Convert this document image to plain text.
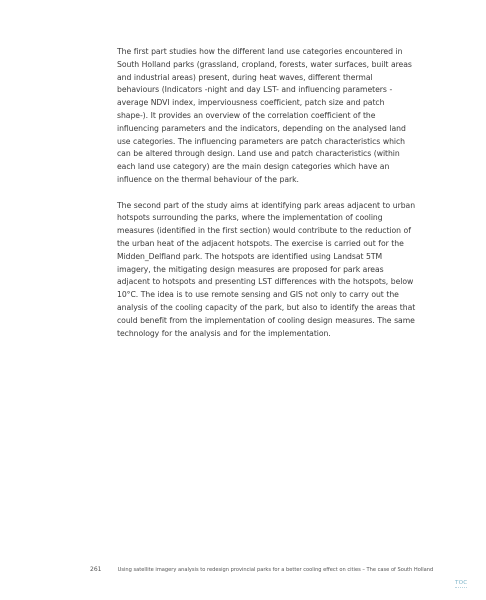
The first part studies how the different land use categories encountered in South Holland parks (grassland, cropland, forests, water surfaces, built areas and industrial areas) present, during heat waves, different thermal behaviours (Indicators -night and day LST- and influencing parameters -average NDVI index, imperviousness coefficient, patch size and patch shape-). It provides an overview of the correlation coefficient of the influencing parameters and the indicators, depending on the analysed land use categories. The influencing parameters are patch characteristics which can be altered through design. Land use and patch characteristics (within each land use category) are the main design categories which have an influence on the thermal behaviour of the park.

The second part of the study aims at identifying park areas adjacent to urban hotspots surrounding the parks, where the implementation of cooling measures (identified in the first section) would contribute to the reduction of the urban heat of the adjacent hotspots. The exercise is carried out for the Midden_Delfland park. The hotspots are identified using Landsat 5TM imagery, the mitigating design measures are proposed for park areas adjacent to hotspots and presenting LST differences with the hotspots, below 10°C. The idea is to use remote sensing and GIS not only to carry out the analysis of the cooling capacity of the park, but also to identify the areas that could benefit from the implementation of cooling design measures. The same technology for the analysis and for the implementation.

261	Using satellite imagery analysis to redesign provincial parks for a better cooling effect on cities – The case of South Holland
TOC
